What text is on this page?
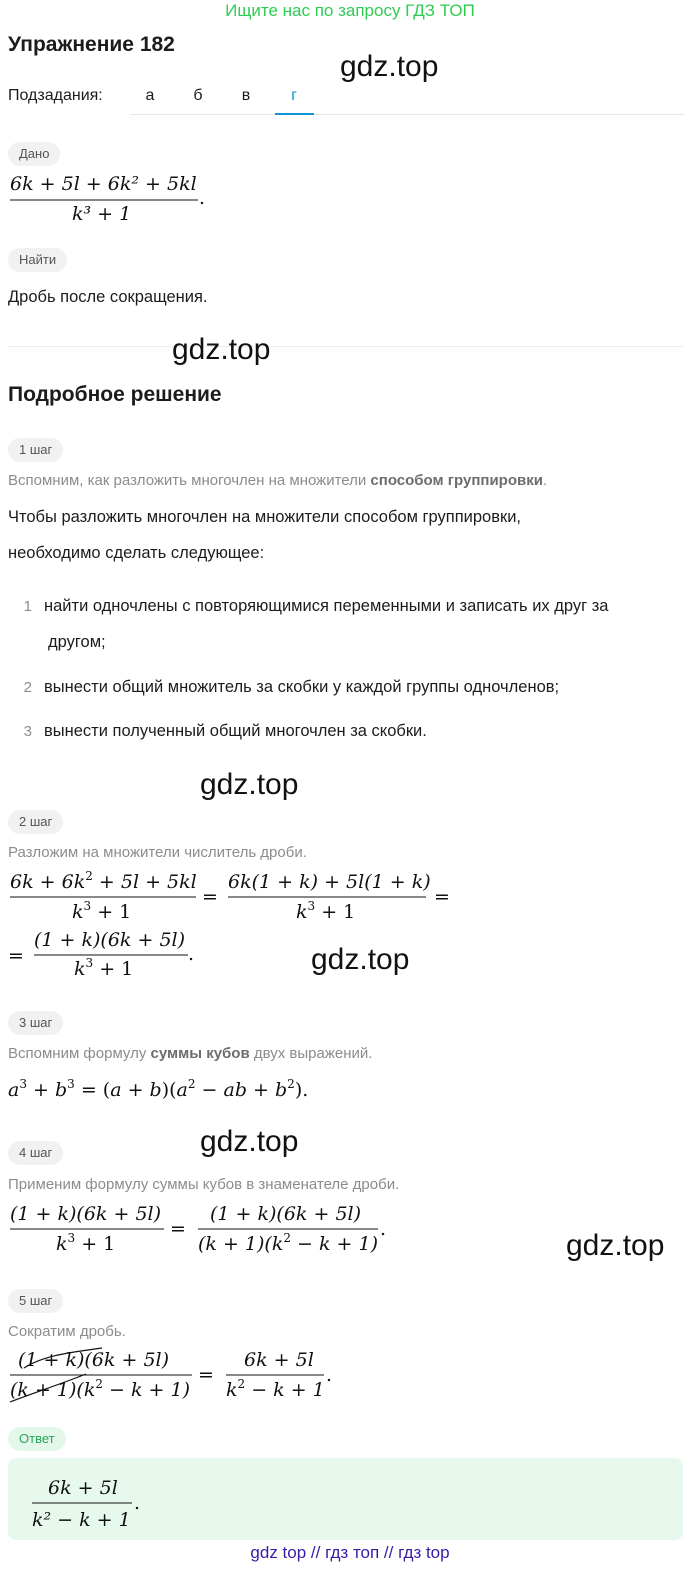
Ищите нас по запросу ГДЗ ТОП
Упражнение 182
gdz.top
Подзадания:	а	б	в	г
Дано
6k + 5l + 6k² + 5kl
k³ + 1
.
Найти
Дробь после сокращения.
gdz.top
Подробное решение
1 шаг
Вспомним, как разложить многочлен на множители способом группировки.
Чтобы разложить многочлен на множители способом группировки,
необходимо сделать следующее:
1 найти одночлены с повторяющимися переменными и записать их друг за
другом;
2 вынести общий множитель за скобки у каждой группы одночленов;
3 вынести полученный общий многочлен за скобки.
gdz.top
2 шаг
Разложим на множители числитель дроби.
$6k + 6k^2 + 5l + 5kl$
$k^3 + 1$
=
6k(1 + k) + 5l(1 + k)
$k^3 + 1$
=
=
(1 + k)(6k + 5l)
$k^3 + 1$
.	gdz.top
3 шаг
Вспомним формулу суммы кубов двух выражений.
$a^3 + b^3 = (a + b)(a^2$ − ab + $b^2$).
gdz.top
4 шаг
Применим формулу суммы кубов в знаменателе дроби.
(1 + k)(6k + 5l)
$k^3 + 1$
=
(1 + k)(6k + 5l)
$(k + 1)(k^2 - k + 1)$
.	gdz.top
5 шаг
Сократим дробь.
(1 + k)(6k + 5l)
$(k + 1)(k^2 - k + 1)$
=
6k + 5l
$k^2 - k + 1$
.
Ответ
6k + 5l
k² − k + 1
.
gdz top // гдз топ // гдз top
